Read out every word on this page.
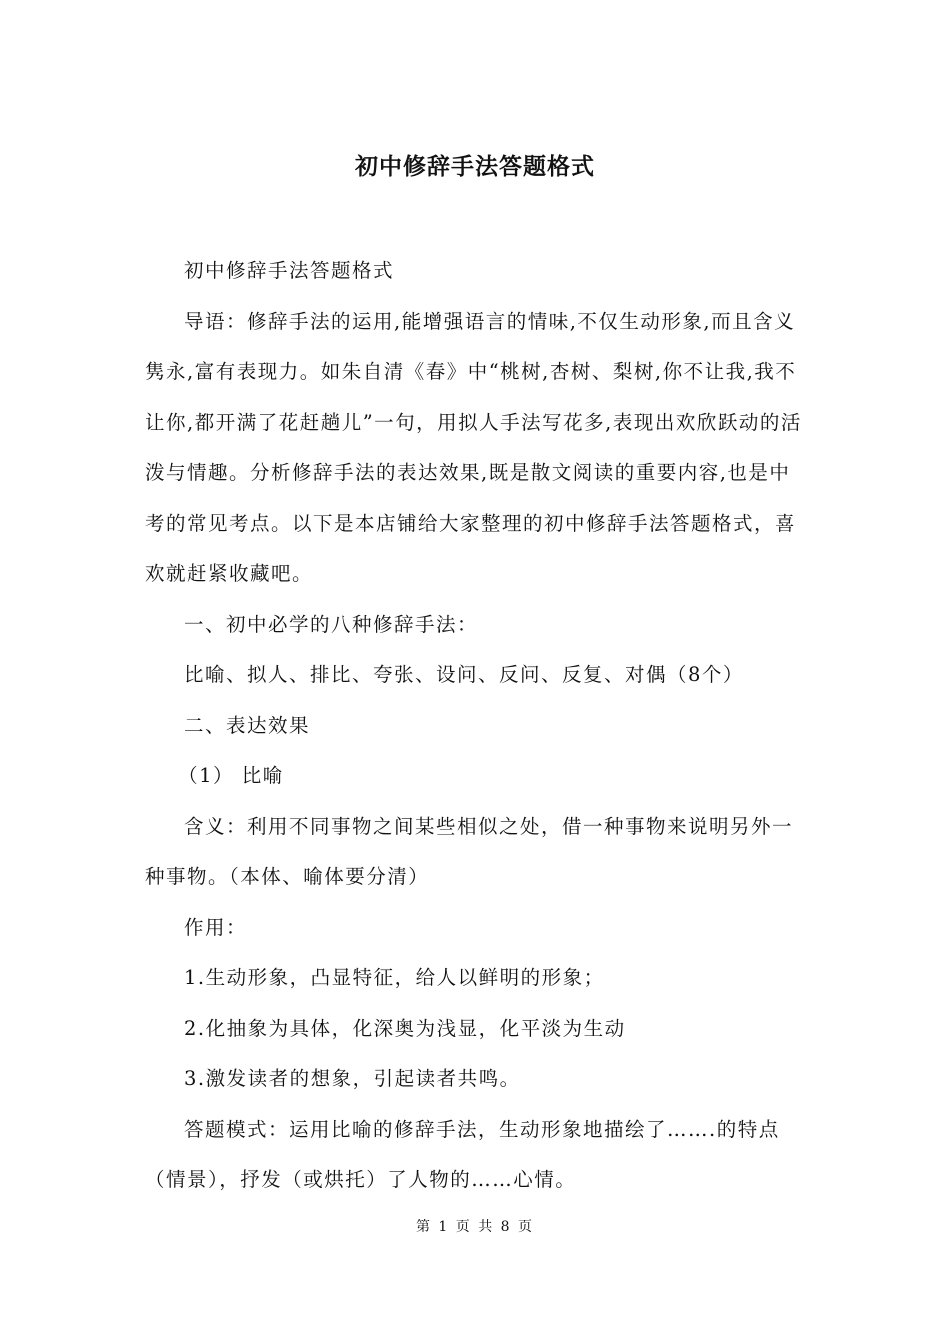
初中修辞手法答题格式

初中修辞手法答题格式

导语：修辞手法的运用,能增强语言的情味,不仅生动形象,而且含义隽永,富有表现力。如朱自清《春》中“桃树,杏树、梨树,你不让我,我不让你,都开满了花赶趟儿”一句，用拟人手法写花多,表现出欢欣跃动的活泼与情趣。分析修辞手法的表达效果,既是散文阅读的重要内容,也是中考的常见考点。以下是本店铺给大家整理的初中修辞手法答题格式，喜欢就赶紧收藏吧。

一、初中必学的八种修辞手法：

比喻、拟人、排比、夸张、设问、反问、反复、对偶（8个）

二、表达效果

（1） 比喻

含义：利用不同事物之间某些相似之处，借一种事物来说明另外一种事物。（本体、喻体要分清）

作用：

1.生动形象，凸显特征，给人以鲜明的形象；

2.化抽象为具体，化深奥为浅显，化平淡为生动

3.激发读者的想象，引起读者共鸣。

答题模式：运用比喻的修辞手法，生动形象地描绘了…….的特点（情景），抒发（或烘托）了人物的……心情。

第 1 页 共 8 页
